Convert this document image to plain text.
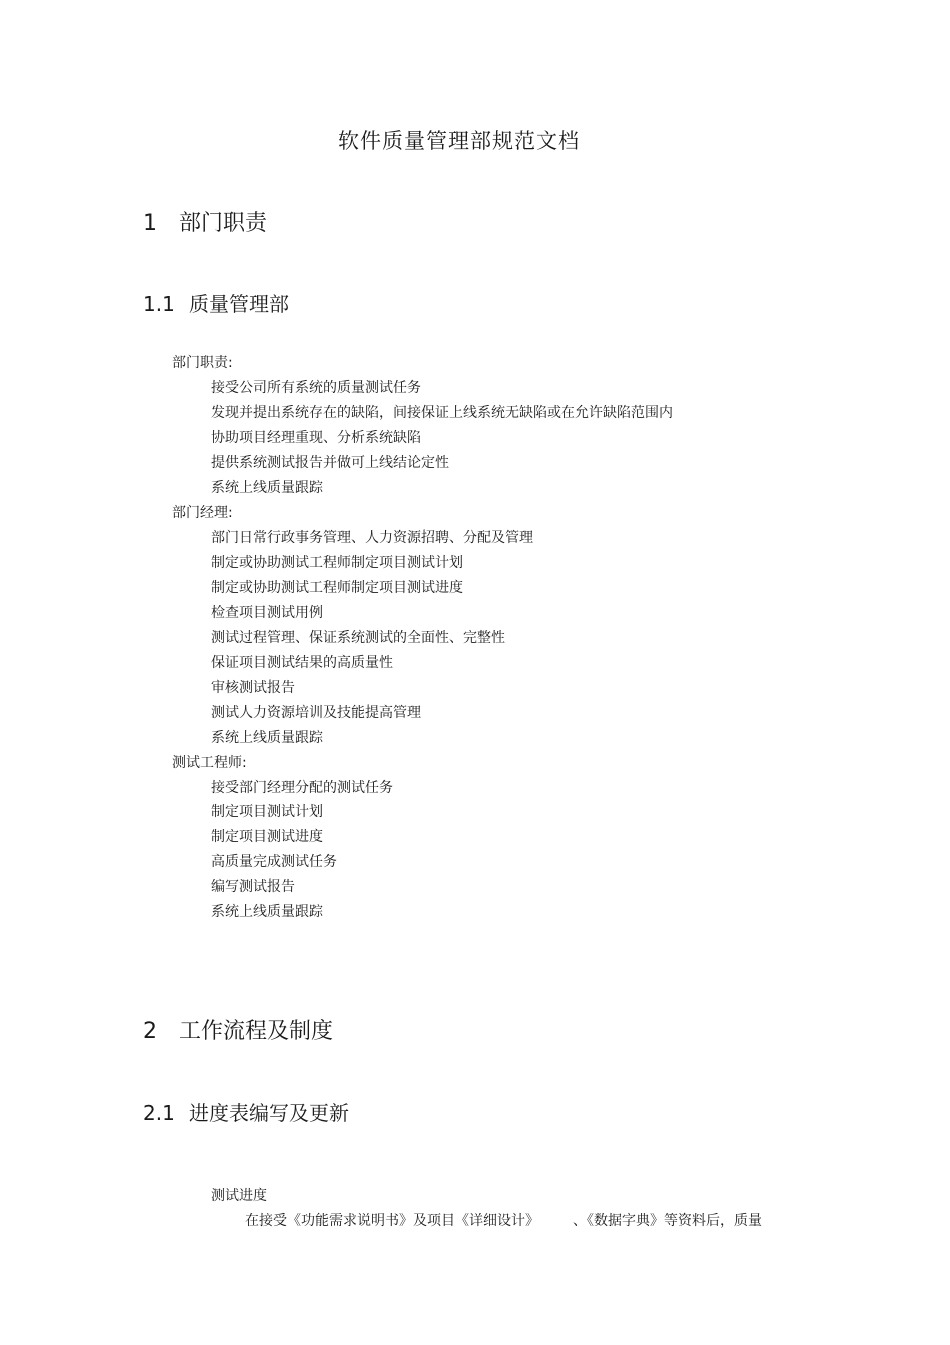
软件质量管理部规范文档
1 部门职责
1.1 质量管理部
部门职责:
接受公司所有系统的质量测试任务
发现并提出系统存在的缺陷，间接保证上线系统无缺陷或在允许缺陷范围内
协助项目经理重现、分析系统缺陷
提供系统测试报告并做可上线结论定性
系统上线质量跟踪
部门经理:
部门日常行政事务管理、人力资源招聘、分配及管理
制定或协助测试工程师制定项目测试计划
制定或协助测试工程师制定项目测试进度
检查项目测试用例
测试过程管理、保证系统测试的全面性、完整性
保证项目测试结果的高质量性
审核测试报告
测试人力资源培训及技能提高管理
系统上线质量跟踪
测试工程师:
接受部门经理分配的测试任务
制定项目测试计划
制定项目测试进度
高质量完成测试任务
编写测试报告
系统上线质量跟踪
2 工作流程及制度
2.1 进度表编写及更新
测试进度
在接受《功能需求说明书》及项目《详细设计》 、《数据字典》等资料后，质量
